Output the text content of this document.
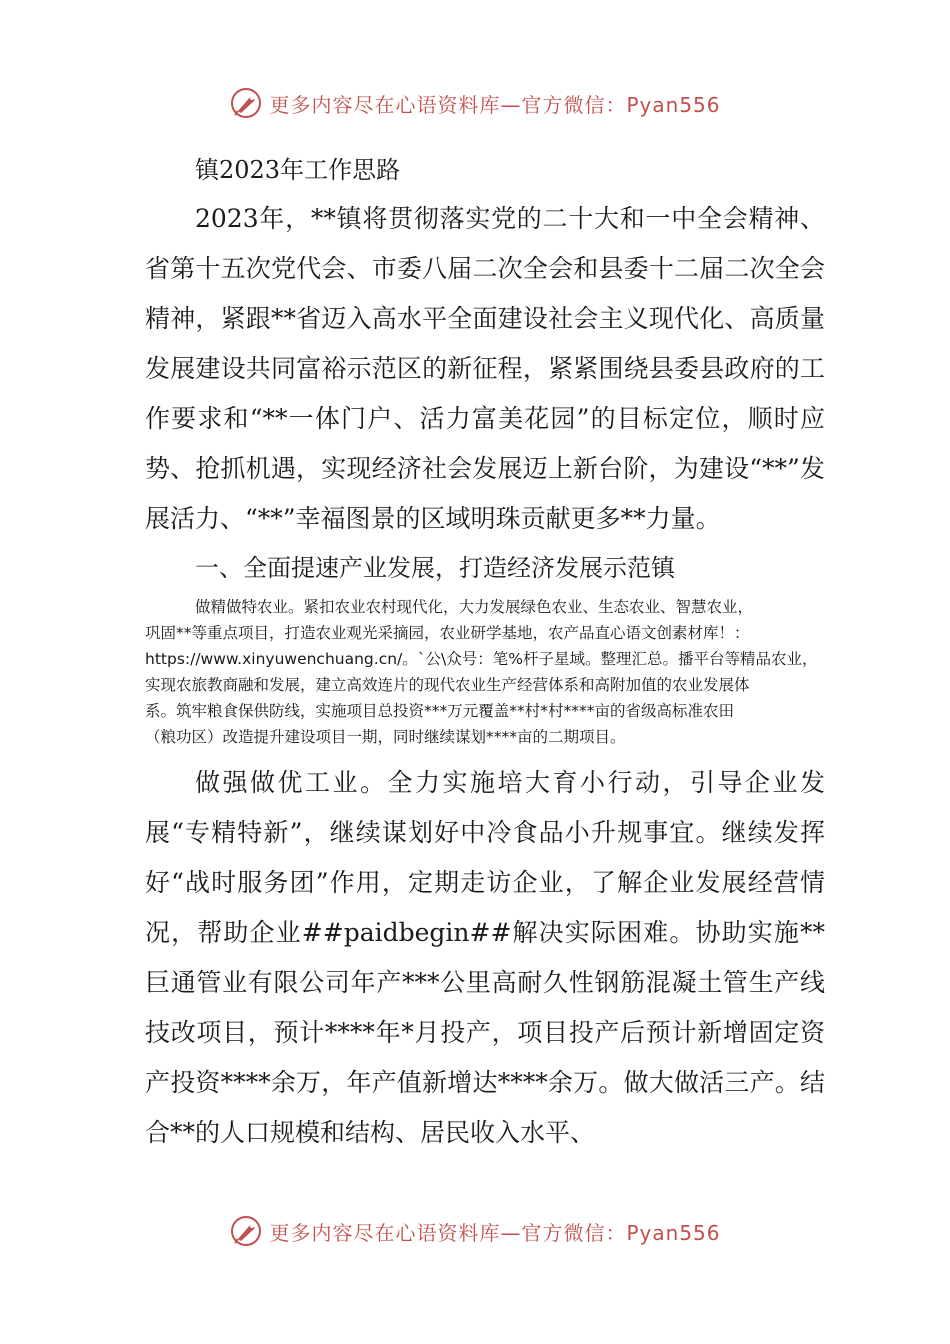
更多内容尽在心语资料库—官方微信：Pyan556

镇2023年工作思路

2023年，**镇将贯彻落实党的二十大和一中全会精神、省第十五次党代会、市委八届二次全会和县委十二届二次全会精神，紧跟**省迈入高水平全面建设社会主义现代化、高质量发展建设共同富裕示范区的新征程，紧紧围绕县委县政府的工作要求和“**一体门户、活力富美花园”的目标定位，顺时应势、抢抓机遇，实现经济社会发展迈上新台阶，为建设“**”发展活力、“**”幸福图景的区域明珠贡献更多**力量。

一、全面提速产业发展，打造经济发展示范镇

做精做特农业。紧扣农业农村现代化，大力发展绿色农业、生态农业、智慧农业，
巩固**等重点项目，打造农业观光采摘园，农业研学基地，农产品直心语文创素材库！：
https://www.xinyuwenchuang.cn/。`公\众号：笔%杆子星域。整理汇总。播平台等精品农业，
实现农旅教商融和发展，建立高效连片的现代农业生产经营体系和高附加值的农业发展体
系。筑牢粮食保供防线，实施项目总投资***万元覆盖**村*村****亩的省级高标准农田
（粮功区）改造提升建设项目一期，同时继续谋划****亩的二期项目。

做强做优工业。全力实施培大育小行动，引导企业发展“专精特新”，继续谋划好中冷食品小升规事宜。继续发挥好“战时服务团”作用，定期走访企业，了解企业发展经营情况，帮助企业##paidbegin##解决实际困难。协助实施**巨通管业有限公司年产***公里高耐久性钢筋混凝土管生产线技改项目，预计****年*月投产，项目投产后预计新增固定资产投资****余万，年产值新增达****余万。做大做活三产。结合**的人口规模和结构、居民收入水平、

更多内容尽在心语资料库—官方微信：Pyan556
